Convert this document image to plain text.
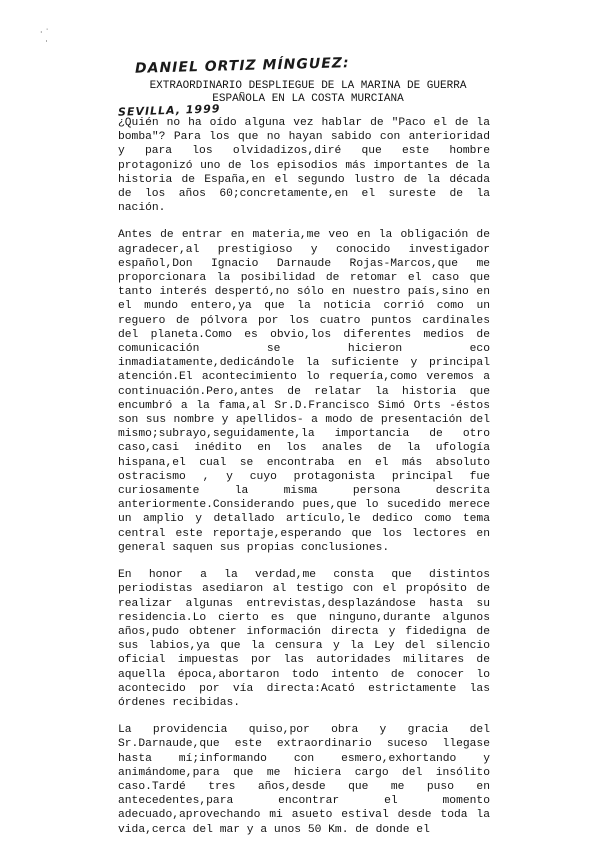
· ˙
·
DANIEL ORTIZ MÍNGUEZ:
EXTRAORDINARIO DESPLIEGUE DE LA MARINA DE GUERRA ESPAÑOLA EN LA COSTA MURCIANA
SEVILLA, 1999

¿Quién no ha oído alguna vez hablar de "Paco el de la bomba"? Para los que no hayan sabido con anterioridad y para los olvidadizos,diré que este hombre protagonizó uno de los episodios más importantes de la historia de España,en el segundo lustro de la década de los años 60;concretamente,en el sureste de la nación.

Antes de entrar en materia,me veo en la obligación de agradecer,al prestigioso y conocido investigador español,Don Ignacio Darnaude Rojas-Marcos,que me proporcionara la posibilidad de retomar el caso que tanto interés despertó,no sólo en nuestro país,sino en el mundo entero,ya que la noticia corrió como un reguero de pólvora por los cuatro puntos cardinales del planeta.Como es obvio,los diferentes medios de comunicación se hicieron eco inmadiatamente,dedicándole la suficiente y principal atención.El acontecimiento lo requería,como veremos a continuación.Pero,antes de relatar la historia que encumbró a la fama,al Sr.D.Francisco Simó Orts -éstos son sus nombre y apellidos- a modo de presentación del mismo;subrayo,seguidamente,la importancia de otro caso,casi inédito en los anales de la ufología hispana,el cual se encontraba en el más absoluto ostracismo , y cuyo protagonista principal fue curiosamente la misma persona descrita anteriormente.Considerando pues,que lo sucedido merece un amplio y detallado artículo,le dedico como tema central este reportaje,esperando que los lectores en general saquen sus propias conclusiones.

En honor a la verdad,me consta que distintos periodistas asediaron al testigo con el propósito de realizar algunas entrevistas,desplazándose hasta su residencia.Lo cierto es que ninguno,durante algunos años,pudo obtener información directa y fidedigna de sus labios,ya que la censura y la Ley del silencio oficial impuestas por las autoridades militares de aquella época,abortaron todo intento de conocer lo acontecido por vía directa:Acató estrictamente las órdenes recibidas.

La providencia quiso,por obra y gracia del Sr.Darnaude,que este extraordinario suceso llegase hasta mí;informando con esmero,exhortando y animándome,para que me hiciera cargo del insólito caso.Tardé tres años,desde que me puso en antecedentes,para encontrar el momento adecuado,aprovechando mi asueto estival desde toda la vida,cerca del mar y a unos 50 Km. de donde el
